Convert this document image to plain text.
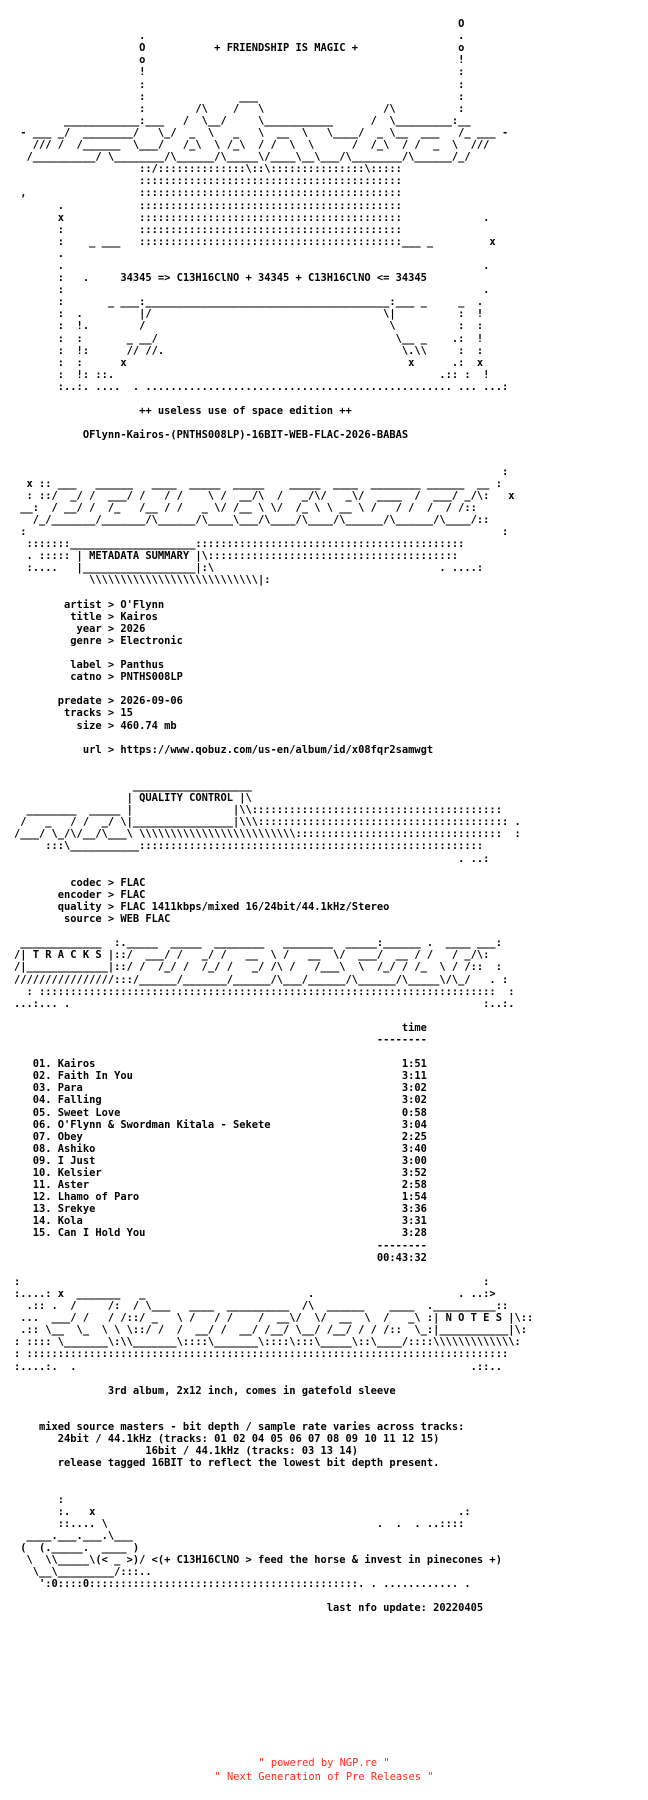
O
.                                                  .
O           + FRIENDSHIP IS MAGIC +                o
o                                                  !
!                                                  :
:                                                  :
:               ___                                :
:        /\    /   \                   /\          :
____________:___   /  \__/     \___________      /  \_________:__
- ___ _/  ________/   \_/  _  \   _   \  __  \   \____/  _ \__  ___   /_ ___ -
/// /  /______  \___/   /_\  \ /_\  / /  \  \      /  /_\  / /  _  \  ///
/__________/ \________/\______/\_____\/____\__\___/\________/\______/_/
::/::::::::::::::\::\:::::::::::::::\:::::
::::::::::::::::::::::::::::::::::::::::::
,                  ::::::::::::::::::::::::::::::::::::::::::
.            ::::::::::::::::::::::::::::::::::::::::::
x            ::::::::::::::::::::::::::::::::::::::::::             .
:            ::::::::::::::::::::::::::::::::::::::::::
:    _ ___   ::::::::::::::::::::::::::::::::::::::::::___ _         x
.
.                                                                   .
:   .     34345 => C13H16ClNO + 34345 + C13H16ClNO <= 34345
:                                                                   .
:       _ ___:_______________________________________:___ _     _  .
:  .         |/                                     \|          :  !
:  !.        /                                       \          :  :
:  :       _ __/                                      \__ _    .:  !
:  !:      // //.                                      \.\\     :  :
:  :      x                                             x      .:  x
:  !: ::.                                                    .:: :  !
:..:. ....  . ................................................. ... ...:

++ useless use of space edition ++

OFlynn-Kairos-(PNTHS008LP)-16BIT-WEB-FLAC-2026-BABAS

:
x :: ___   ______   ____  _____  _____    _____  ____  ________ ______  __ :
: ::/  _/ /  ___/ /   / /    \ /  __/\  /   _/\/   _\/  ____  /  ___/ _/\:   x
__:  / __/ /  /_   /__ / /   _ \/ /__ \ \/  /_ \ \ __ \ /   / /  /  / /::
/_/_______/_______/\______/\____\___/\____/\____/\______/\______/\____/::
:                                                                            :
:::::::____________________:::::::::::::::::::::::::::::::::::::::::::
. ::::: | METADATA SUMMARY |\::::::::::::::::::::::::::::::::::::::::
:....   |__________________|:\                                    . ....:
\\\\\\\\\\\\\\\\\\\\\\\\\\\|:

artist > O'Flynn
title > Kairos
year > 2026
genre > Electronic

label > Panthus
catno > PNTHS008LP

predate > 2026-09-06
tracks > 15
size > 460.74 mb

url > https://www.qobuz.com/us-en/album/id/x08fqr2samwgt

___________________
| QUALITY CONTROL |\
________  _____ |                |\\::::::::::::::::::::::::::::::::::::::::
/   _   / /  _/ \|________________|\\\:::::::::::::::::::::::::::::::::::::::: .
/___/ \_/\/__/\___\ \\\\\\\\\\\\\\\\\\\\\\\\\:::::::::::::::::::::::::::::::::  :
:::\___________:::::::::::::::::::::::::::::::::::::::::::::::::::::::
. ..:

codec > FLAC
encoder > FLAC
quality > FLAC 1411kbps/mixed 16/24bit/44.1kHz/Stereo
source > WEB FLAC

_____________  :._____  _____  ________   ________  _____:______ .  ____ ___:
/| T R A C K S |::/  ___/ /   _/ /   __  \ /   __  \/  ___/  __ / /   / _/\:
/|_____________|::/ /  /_/ /  /_/ /   _/ /\ /   /___\  \  /_/ / /_  \ / /::  :
////////////////:::/______/_______/______/\___/______/\______/\_____\/\_/   . :
: :::::::::::::::::::::::::::::::::::::::::::::::::::::::::::::::::::::::::  :
...:... .                                                                  :..:.

time
--------

01. Kairos                                                 1:51
02. Faith In You                                           3:11
03. Para                                                   3:02
04. Falling                                                3:02
05. Sweet Love                                             0:58
06. O'Flynn & Swordman Kitala - Sekete                     3:04
07. Obey                                                   2:25
08. Ashiko                                                 3:40
09. I Just                                                 3:00
10. Kelsier                                                3:52
11. Aster                                                  2:58
12. Lhamo of Paro                                          1:54
13. Srekye                                                 3:36
14. Kola                                                   3:31
15. Can I Hold You                                         3:28
--------
00:43:32

:                                                                          :
:....: x  _______   _                          .                       . ..:>
.:: .  /     /:  / \___   ____  __________  /\  ______    ____  .__________::
...  ___/ /   / /::/ _   \ /   / /    /  __\/  \/  __  \  /   _\ :| N O T E S |\::
.:: \__  \_  \ \ \::/ /  /  __/ /  __/ /__/ \__/ /__/ / / /::  \_:|___________|\:
: :::: \_______\:\\_______\::::\_______\::::\:::\_____\::\____/::::\\\\\\\\\\\\\:
: :::::::::::::::::::::::::::::::::::::::::::::::::::::::::::::::::::::::::::::
:....:.  .                                                               .::..

3rd album, 2x12 inch, comes in gatefold sleeve

mixed source masters - bit depth / sample rate varies across tracks:
24bit / 44.1kHz (tracks: 01 02 04 05 06 07 08 09 10 11 12 15)
16bit / 44.1kHz (tracks: 03 13 14)
release tagged 16BIT to reflect the lowest bit depth present.

:
:.   x                                                          .:
::.... \                                           .  .  . ..::::
____.___.___.\___
(  (._____.  ____ )
\  \\_____\(< _ >)/ <(+ C13H16ClNO > feed the horse & invest in pinecones +)
\__\_________/:::..
':0::::0:::::::::::::::::::::::::::::::::::::::::::. . ............ .

last nfo update: 20220405
" powered by NGP.re "
" Next Generation of Pre Releases "
